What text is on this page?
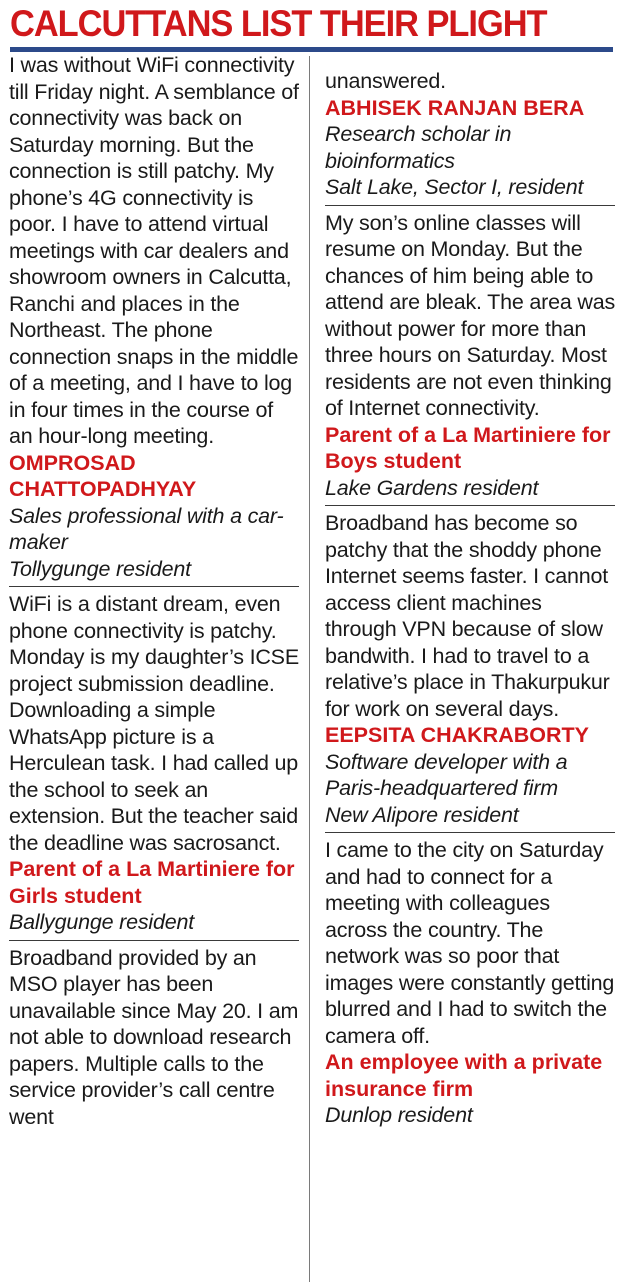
CALCUTTANS LIST THEIR PLIGHT

I was without WiFi connectivity till Friday night. A semblance of connectivity was back on Saturday morning. But the connection is still patchy. My phone’s 4G connectivity is poor. I have to attend virtual meetings with car dealers and showroom owners in Calcutta, Ranchi and places in the Northeast. The phone connection snaps in the middle of a meeting, and I have to log in four times in the course of an hour-long meeting.

OMPROSAD CHATTOPADHYAY

Sales professional with a car-maker

Tollygunge resident

WiFi is a distant dream, even phone connectivity is patchy. Monday is my daughter’s ICSE project submission deadline. Downloading a simple WhatsApp picture is a Herculean task. I had called up the school to seek an extension. But the teacher said the deadline was sacrosanct.

Parent of a La Martiniere for Girls student

Ballygunge resident

Broadband provided by an MSO player has been unavailable since May 20. I am not able to download research papers. Multiple calls to the service provider’s call centre went

unanswered.

ABHISEK RANJAN BERA

Research scholar in bioinformatics

Salt Lake, Sector I, resident

My son’s online classes will resume on Monday. But the chances of him being able to attend are bleak. The area was without power for more than three hours on Saturday. Most residents are not even thinking of Internet connectivity.

Parent of a La Martiniere for Boys student

Lake Gardens resident

Broadband has become so patchy that the shoddy phone Internet seems faster. I cannot access client machines through VPN because of slow bandwith. I had to travel to a relative’s place in Thakurpukur for work on several days.

EEPSITA CHAKRABORTY

Software developer with a Paris-headquartered firm

New Alipore resident

I came to the city on Saturday and had to connect for a meeting with colleagues across the country. The network was so poor that images were constantly getting blurred and I had to switch the camera off.

An employee with a private insurance firm

Dunlop resident
